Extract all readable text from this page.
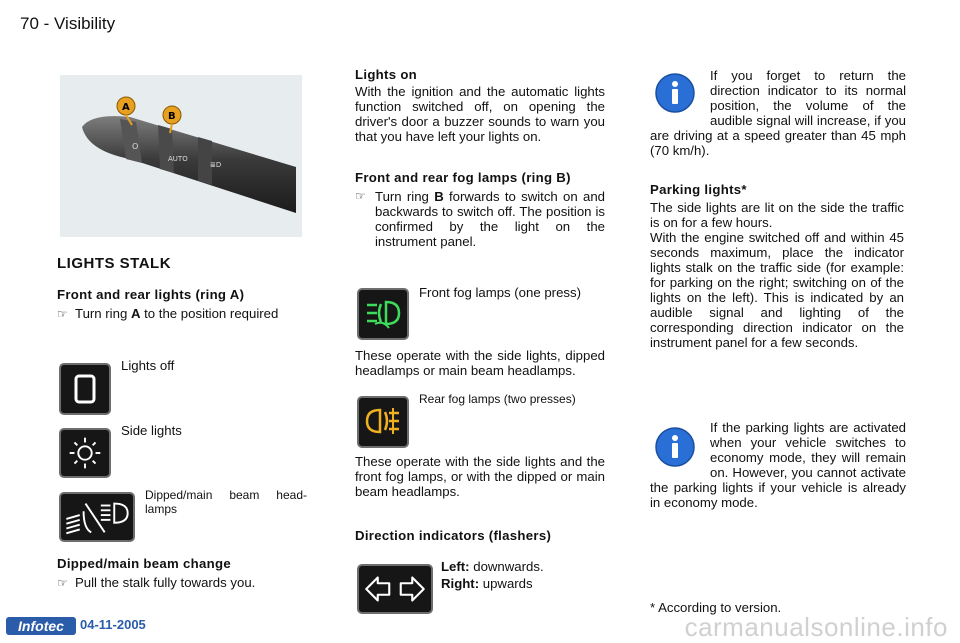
70 - Visibility
O
AUTO
≣D
A
B
LIGHTS STALK
Front and rear lights (ring A)
☞ Turn ring A to the position required
Lights off
Side lights
Dipped/main beam head-lamps
Dipped/main beam change
☞ Pull the stalk fully towards you.
Lights on
With the ignition and the automatic lights function switched off, on opening the driver's door a buzzer sounds to warn you that you have left your lights on.
Front and rear fog lamps (ring B)
☞ Turn ring B forwards to switch on and backwards to switch off. The position is confirmed by the light on the instrument panel.
Front fog lamps (one press)
These operate with the side lights, dipped headlamps or main beam headlamps.
Rear fog lamps (two presses)
These operate with the side lights and the front fog lamps, or with the dipped or main beam headlamps.
Direction indicators (flashers)
Left: downwards.
Right: upwards
If you forget to return the direction indicator to its normal position, the volume of the audible signal will increase, if you are driving at a speed greater than 45 mph (70 km/h).
Parking lights*
The side lights are lit on the side the traffic is on for a few hours.
With the engine switched off and within 45 seconds maximum, place the indicator lights stalk on the traffic side (for example: for parking on the right; switching on of the lights on the left). This is indicated by an audible signal and lighting of the corresponding direction indicator on the instrument panel for a few seconds.
If the parking lights are activated when your vehicle switches to economy mode, they will remain on. However, you cannot activate the parking lights if your vehicle is already in economy mode.
* According to version.
Infotec	04-11-2005	carmanualsonline.info
